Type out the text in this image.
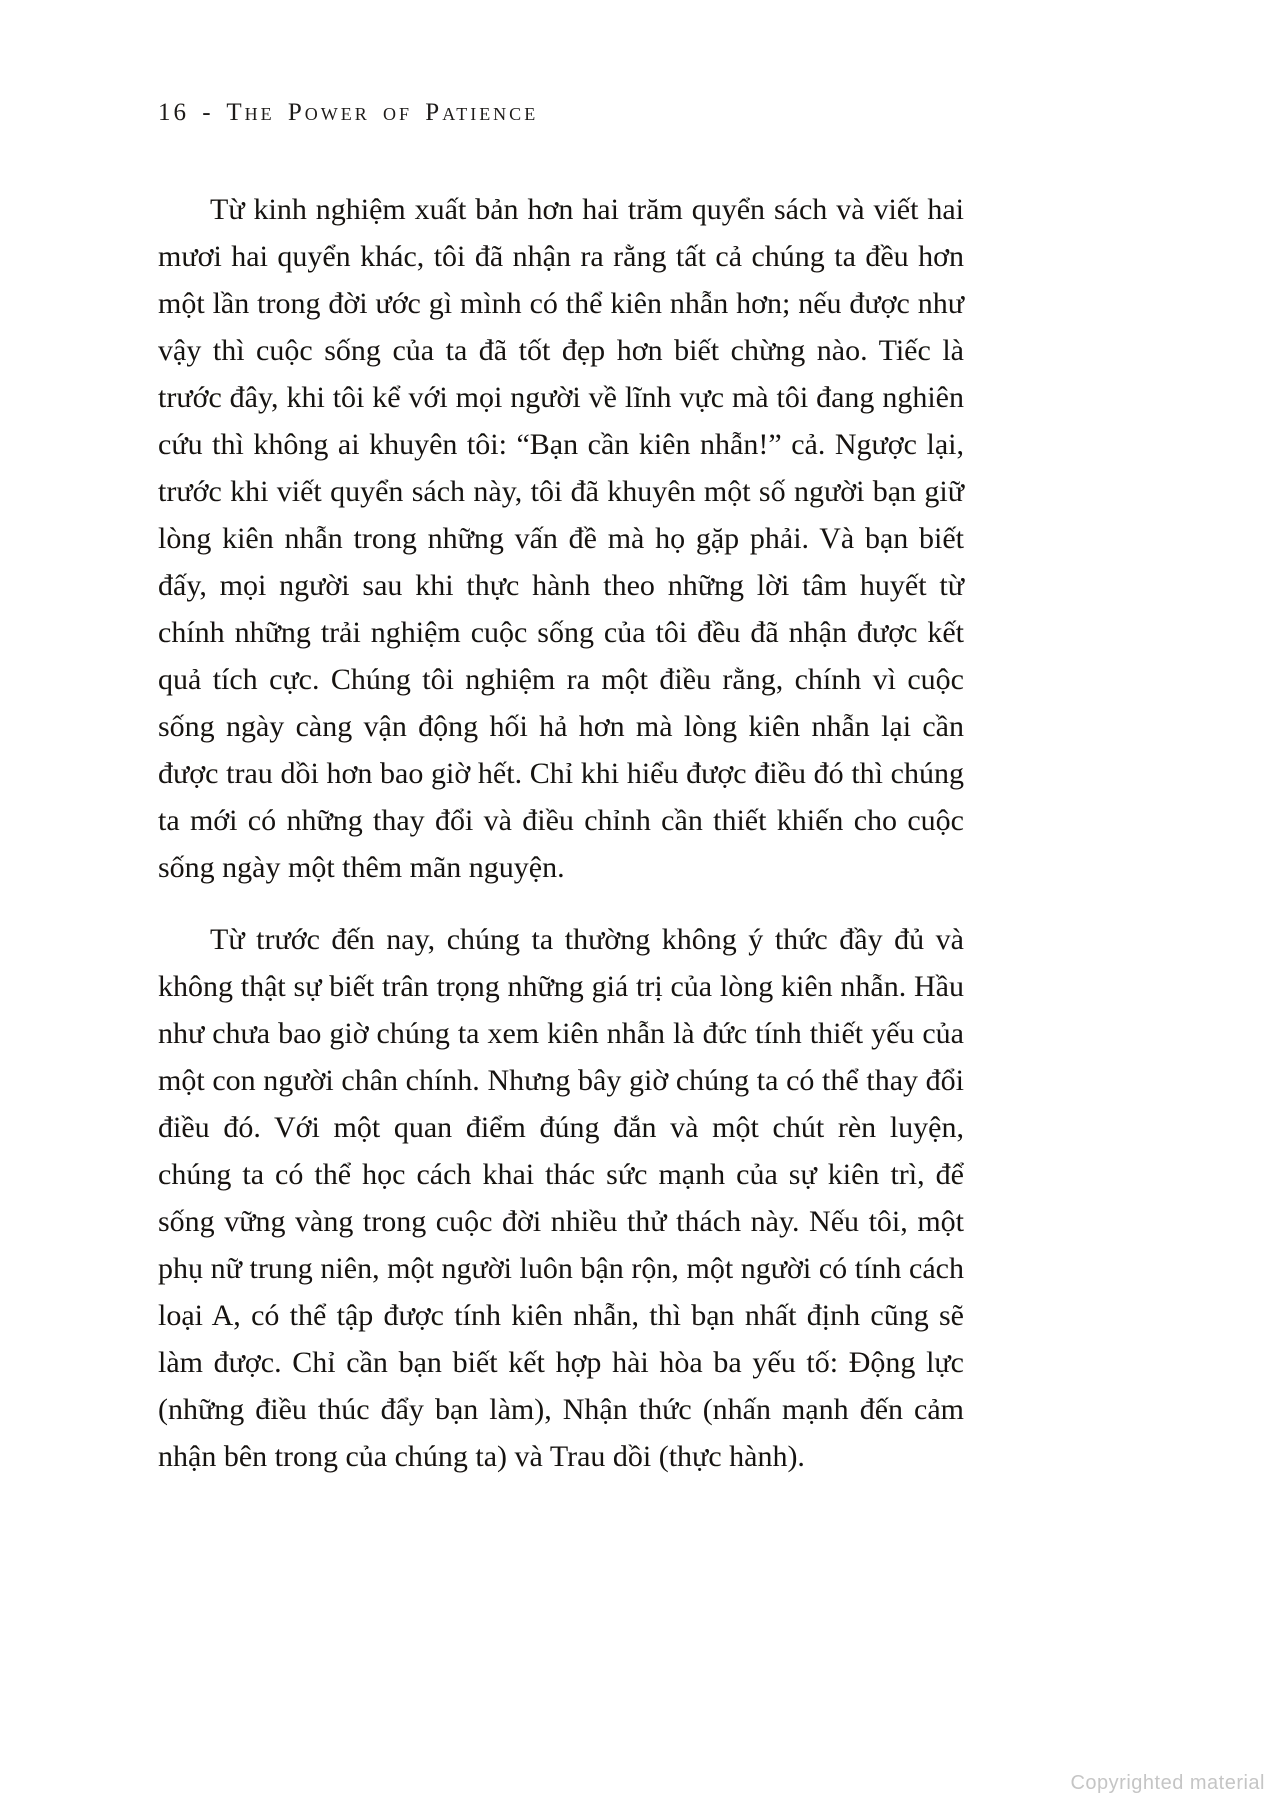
16 - The Power of Patience

Từ kinh nghiệm xuất bản hơn hai trăm quyển sách và viết hai mươi hai quyển khác, tôi đã nhận ra rằng tất cả chúng ta đều hơn một lần trong đời ước gì mình có thể kiên nhẫn hơn; nếu được như vậy thì cuộc sống của ta đã tốt đẹp hơn biết chừng nào. Tiếc là trước đây, khi tôi kể với mọi người về lĩnh vực mà tôi đang nghiên cứu thì không ai khuyên tôi: “Bạn cần kiên nhẫn!” cả. Ngược lại, trước khi viết quyển sách này, tôi đã khuyên một số người bạn giữ lòng kiên nhẫn trong những vấn đề mà họ gặp phải. Và bạn biết đấy, mọi người sau khi thực hành theo những lời tâm huyết từ chính những trải nghiệm cuộc sống của tôi đều đã nhận được kết quả tích cực. Chúng tôi nghiệm ra một điều rằng, chính vì cuộc sống ngày càng vận động hối hả hơn mà lòng kiên nhẫn lại cần được trau dồi hơn bao giờ hết. Chỉ khi hiểu được điều đó thì chúng ta mới có những thay đổi và điều chỉnh cần thiết khiến cho cuộc sống ngày một thêm mãn nguyện.

Từ trước đến nay, chúng ta thường không ý thức đầy đủ và không thật sự biết trân trọng những giá trị của lòng kiên nhẫn. Hầu như chưa bao giờ chúng ta xem kiên nhẫn là đức tính thiết yếu của một con người chân chính. Nhưng bây giờ chúng ta có thể thay đổi điều đó. Với một quan điểm đúng đắn và một chút rèn luyện, chúng ta có thể học cách khai thác sức mạnh của sự kiên trì, để sống vững vàng trong cuộc đời nhiều thử thách này. Nếu tôi, một phụ nữ trung niên, một người luôn bận rộn, một người có tính cách loại A, có thể tập được tính kiên nhẫn, thì bạn nhất định cũng sẽ làm được. Chỉ cần bạn biết kết hợp hài hòa ba yếu tố: Động lực (những điều thúc đẩy bạn làm), Nhận thức (nhấn mạnh đến cảm nhận bên trong của chúng ta) và Trau dồi (thực hành).

Copyrighted material
